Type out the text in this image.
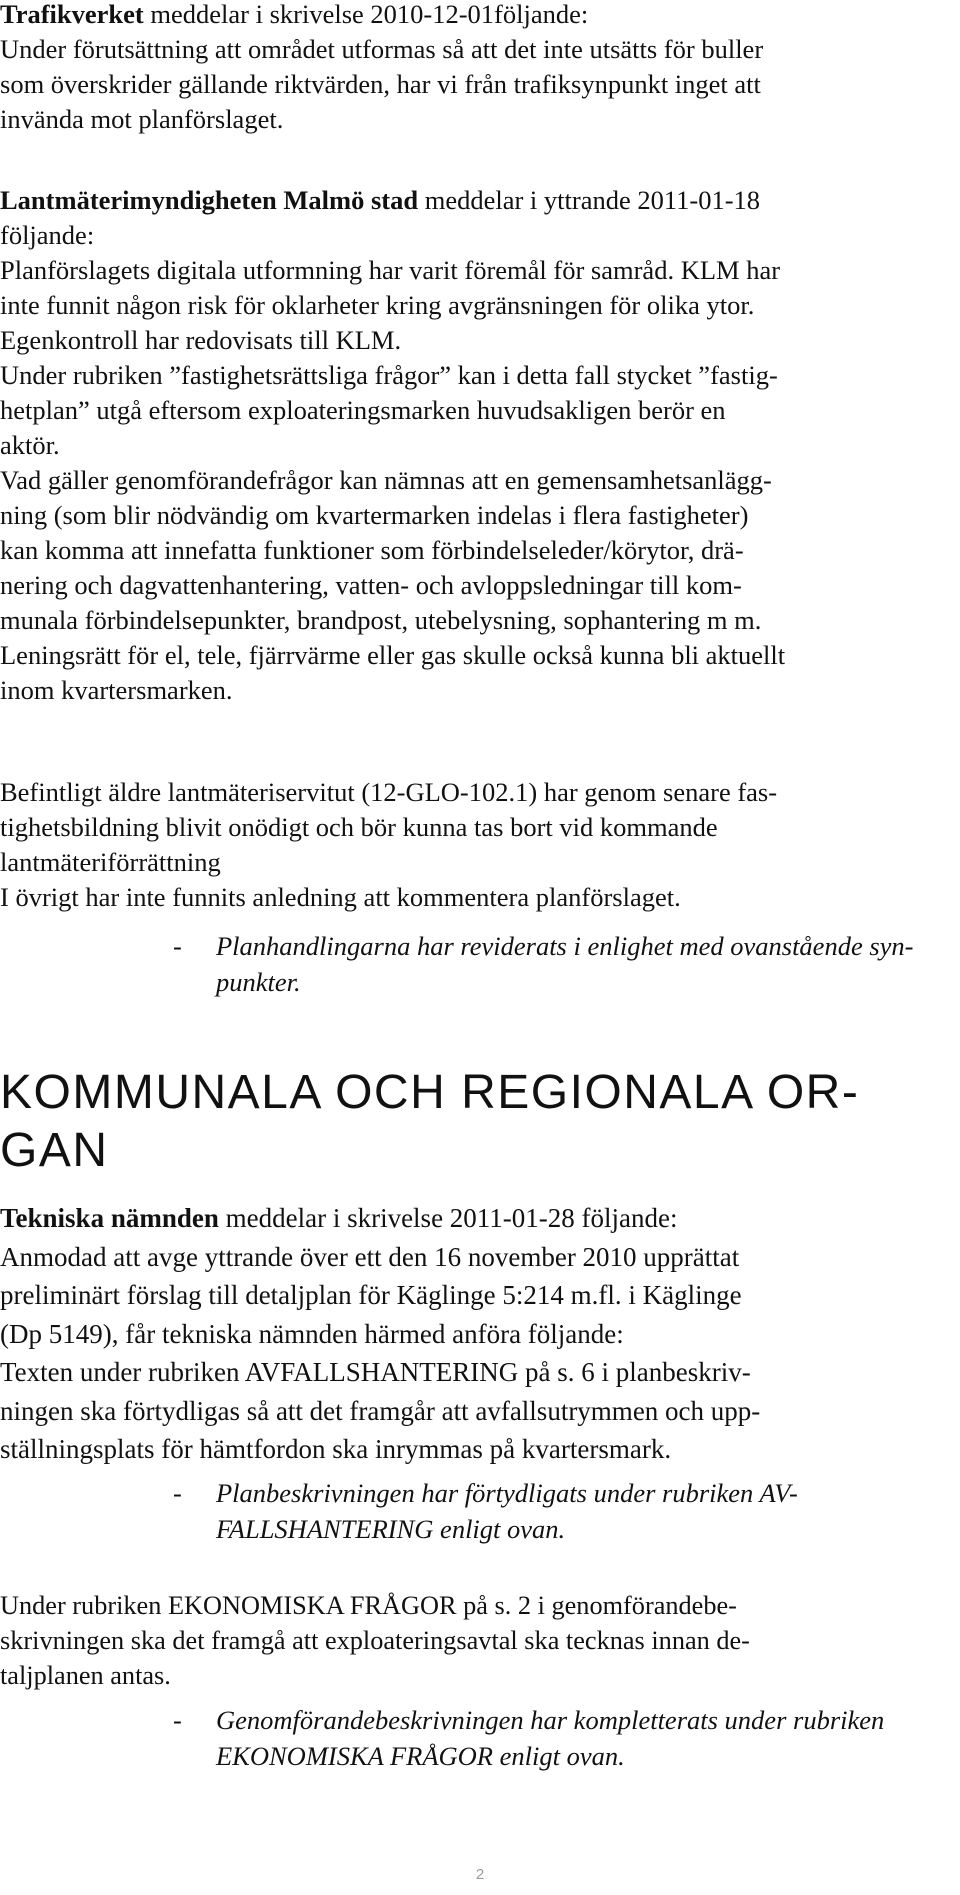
Trafikverket meddelar i skrivelse 2010-12-01följande:
Under förutsättning att området utformas så att det inte utsätts för buller
som överskrider gällande riktvärden, har vi från trafiksynpunkt inget att
invända mot planförslaget.

Lantmäterimyndigheten Malmö stad meddelar i yttrande 2011-01-18
följande:
Planförslagets digitala utformning har varit föremål för samråd. KLM har
inte funnit någon risk för oklarheter kring avgränsningen för olika ytor.
Egenkontroll har redovisats till KLM.
Under rubriken ”fastighetsrättsliga frågor” kan i detta fall stycket ”fastig-
hetplan” utgå eftersom exploateringsmarken huvudsakligen berör en
aktör.
Vad gäller genomförandefrågor kan nämnas att en gemensamhetsanlägg-
ning (som blir nödvändig om kvartermarken indelas i flera fastigheter)
kan komma att innefatta funktioner som förbindelseleder/körytor, drä-
nering och dagvattenhantering, vatten- och avloppsledningar till kom-
munala förbindelsepunkter, brandpost, utebelysning, sophantering m m.
Leningsrätt för el, tele, fjärrvärme eller gas skulle också kunna bli aktuellt
inom kvartersmarken.

Befintligt äldre lantmäteriservitut (12-GLO-102.1) har genom senare fas-
tighetsbildning blivit onödigt och bör kunna tas bort vid kommande
lantmäteriförrättning
I övrigt har inte funnits anledning att kommentera planförslaget.

- Planhandlingarna har reviderats i enlighet med ovanstående syn-
punkter.
KOMMUNALA OCH REGIONALA OR-
GAN

Tekniska nämnden meddelar i skrivelse 2011-01-28 följande:
Anmodad att avge yttrande över ett den 16 november 2010 upprättat
preliminärt förslag till detaljplan för Käglinge 5:214 m.fl. i Käglinge
(Dp 5149), får tekniska nämnden härmed anföra följande:
Texten under rubriken AVFALLSHANTERING på s. 6 i planbeskriv-
ningen ska förtydligas så att det framgår att avfallsutrymmen och upp-
ställningsplats för hämtfordon ska inrymmas på kvartersmark.

- Planbeskrivningen har förtydligats under rubriken AV-
FALLSHANTERING enligt ovan.

Under rubriken EKONOMISKA FRÅGOR på s. 2 i genomförandebe-
skrivningen ska det framgå att exploateringsavtal ska tecknas innan de-
taljplanen antas.

- Genomförandebeskrivningen har kompletterats under rubriken
EKONOMISKA FRÅGOR enligt ovan.
2
